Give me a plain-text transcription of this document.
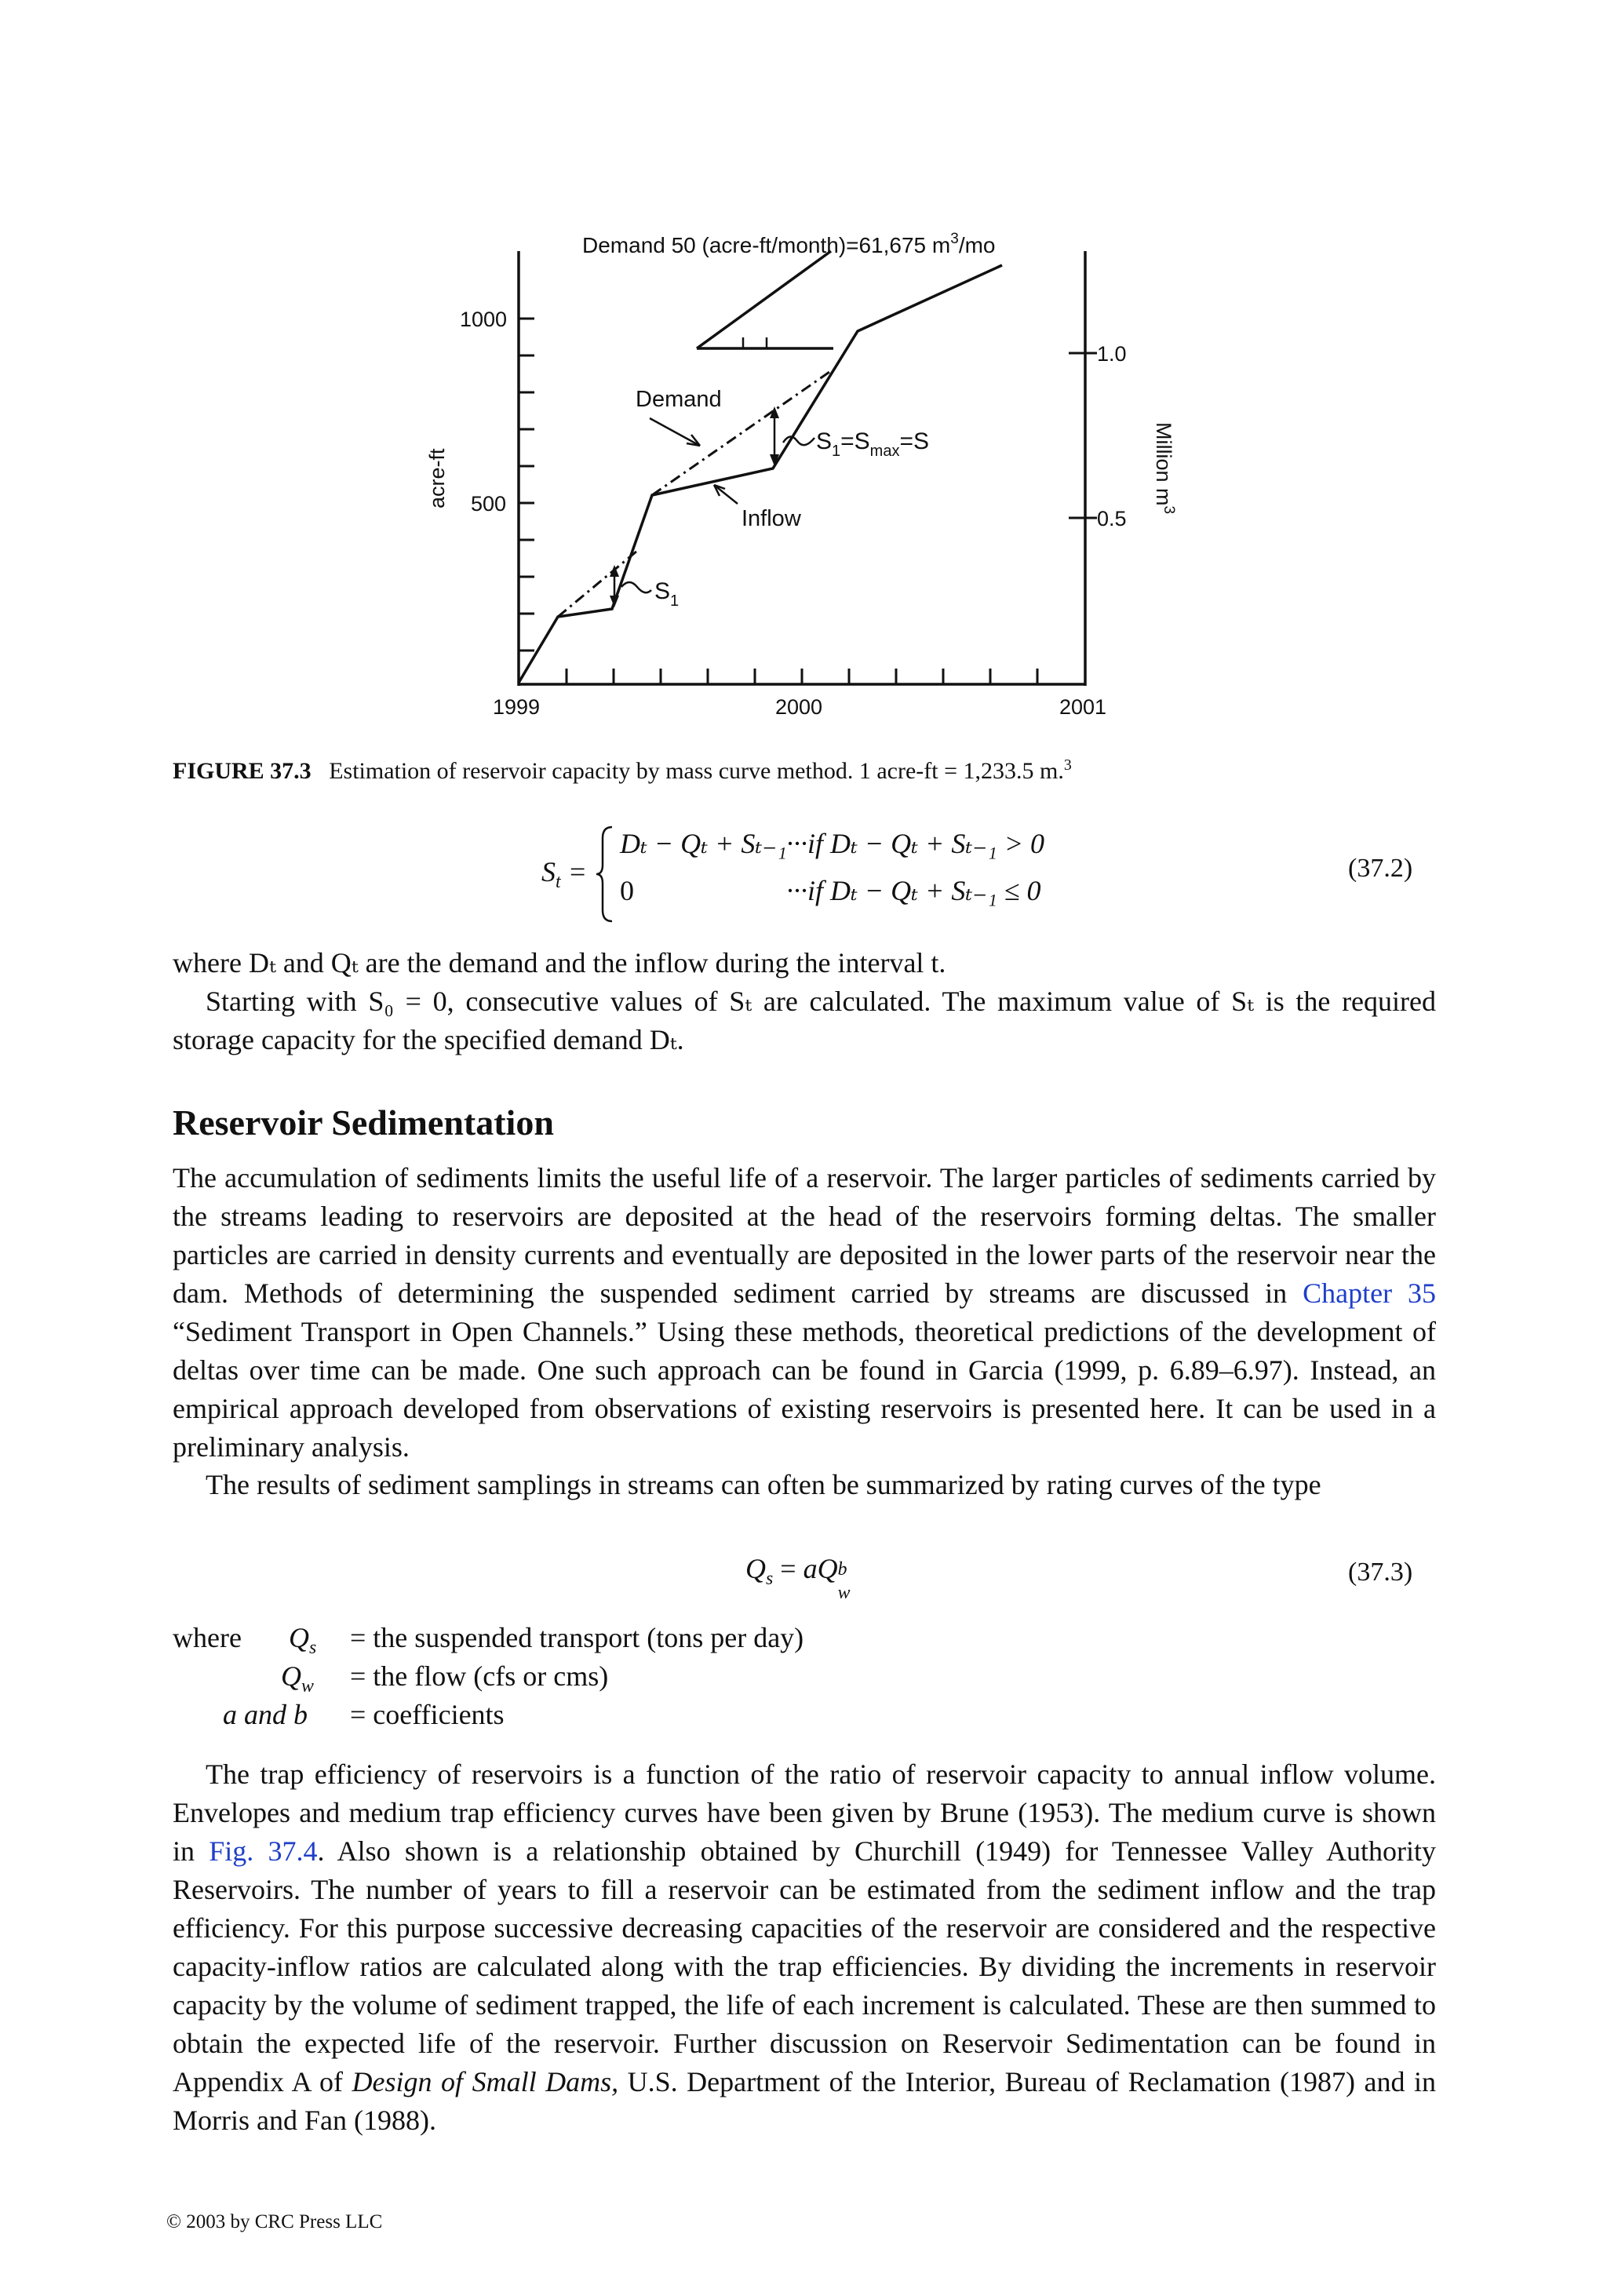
Demand 50 (acre-ft/month)=61,675 $m^3/mo$
1000
500
1.0
0.5
1999	2000	2001
acre-ft	Million $m^3$
$S_1$
$S_1=S_{max}=S$
Demand
Inflow
FIGURE 37.3 Estimation of reservoir capacity by mass curve method. 1 acre-ft = 1,233.5 m.$^3$
$S_t$ =
Dₜ − Qₜ + Sₜ₋₁ ···if Dₜ − Qₜ + Sₜ₋₁ > 0
0	···if Dₜ − Qₜ + Sₜ₋₁ ≤ 0
(37.2)
where Dₜ and Qₜ are the demand and the inflow during the interval t.
Starting with S₀ = 0, consecutive values of Sₜ are calculated. The maximum value of Sₜ is the required storage capacity for the specified demand Dₜ.
Reservoir Sedimentation
The accumulation of sediments limits the useful life of a reservoir. The larger particles of sediments carried by the streams leading to reservoirs are deposited at the head of the reservoirs forming deltas. The smaller particles are carried in density currents and eventually are deposited in the lower parts of the reservoir near the dam. Methods of determining the suspended sediment carried by streams are discussed in Chapter 35 “Sediment Transport in Open Channels.” Using these methods, theoretical predictions of the development of deltas over time can be made. One such approach can be found in Garcia (1999, p. 6.89–6.97). Instead, an empirical approach developed from observations of existing reservoirs is presented here. It can be used in a preliminary analysis.
The results of sediment samplings in streams can often be summarized by rating curves of the type
$Q_s$ = aQ b
w
(37.3)
where $Q_s$ = the suspended transport (tons per day)
$Q_w$ = the flow (cfs or cms)
a and b = coefficients
The trap efficiency of reservoirs is a function of the ratio of reservoir capacity to annual inflow volume. Envelopes and medium trap efficiency curves have been given by Brune (1953). The medium curve is shown in Fig. 37.4. Also shown is a relationship obtained by Churchill (1949) for Tennessee Valley Authority Reservoirs. The number of years to fill a reservoir can be estimated from the sediment inflow and the trap efficiency. For this purpose successive decreasing capacities of the reservoir are considered and the respective capacity-inflow ratios are calculated along with the trap efficiencies. By dividing the increments in reservoir capacity by the volume of sediment trapped, the life of each increment is calculated. These are then summed to obtain the expected life of the reservoir. Further discussion on Reservoir Sedimentation can be found in Appendix A of Design of Small Dams, U.S. Department of the Interior, Bureau of Reclamation (1987) and in Morris and Fan (1988).
© 2003 by CRC Press LLC
